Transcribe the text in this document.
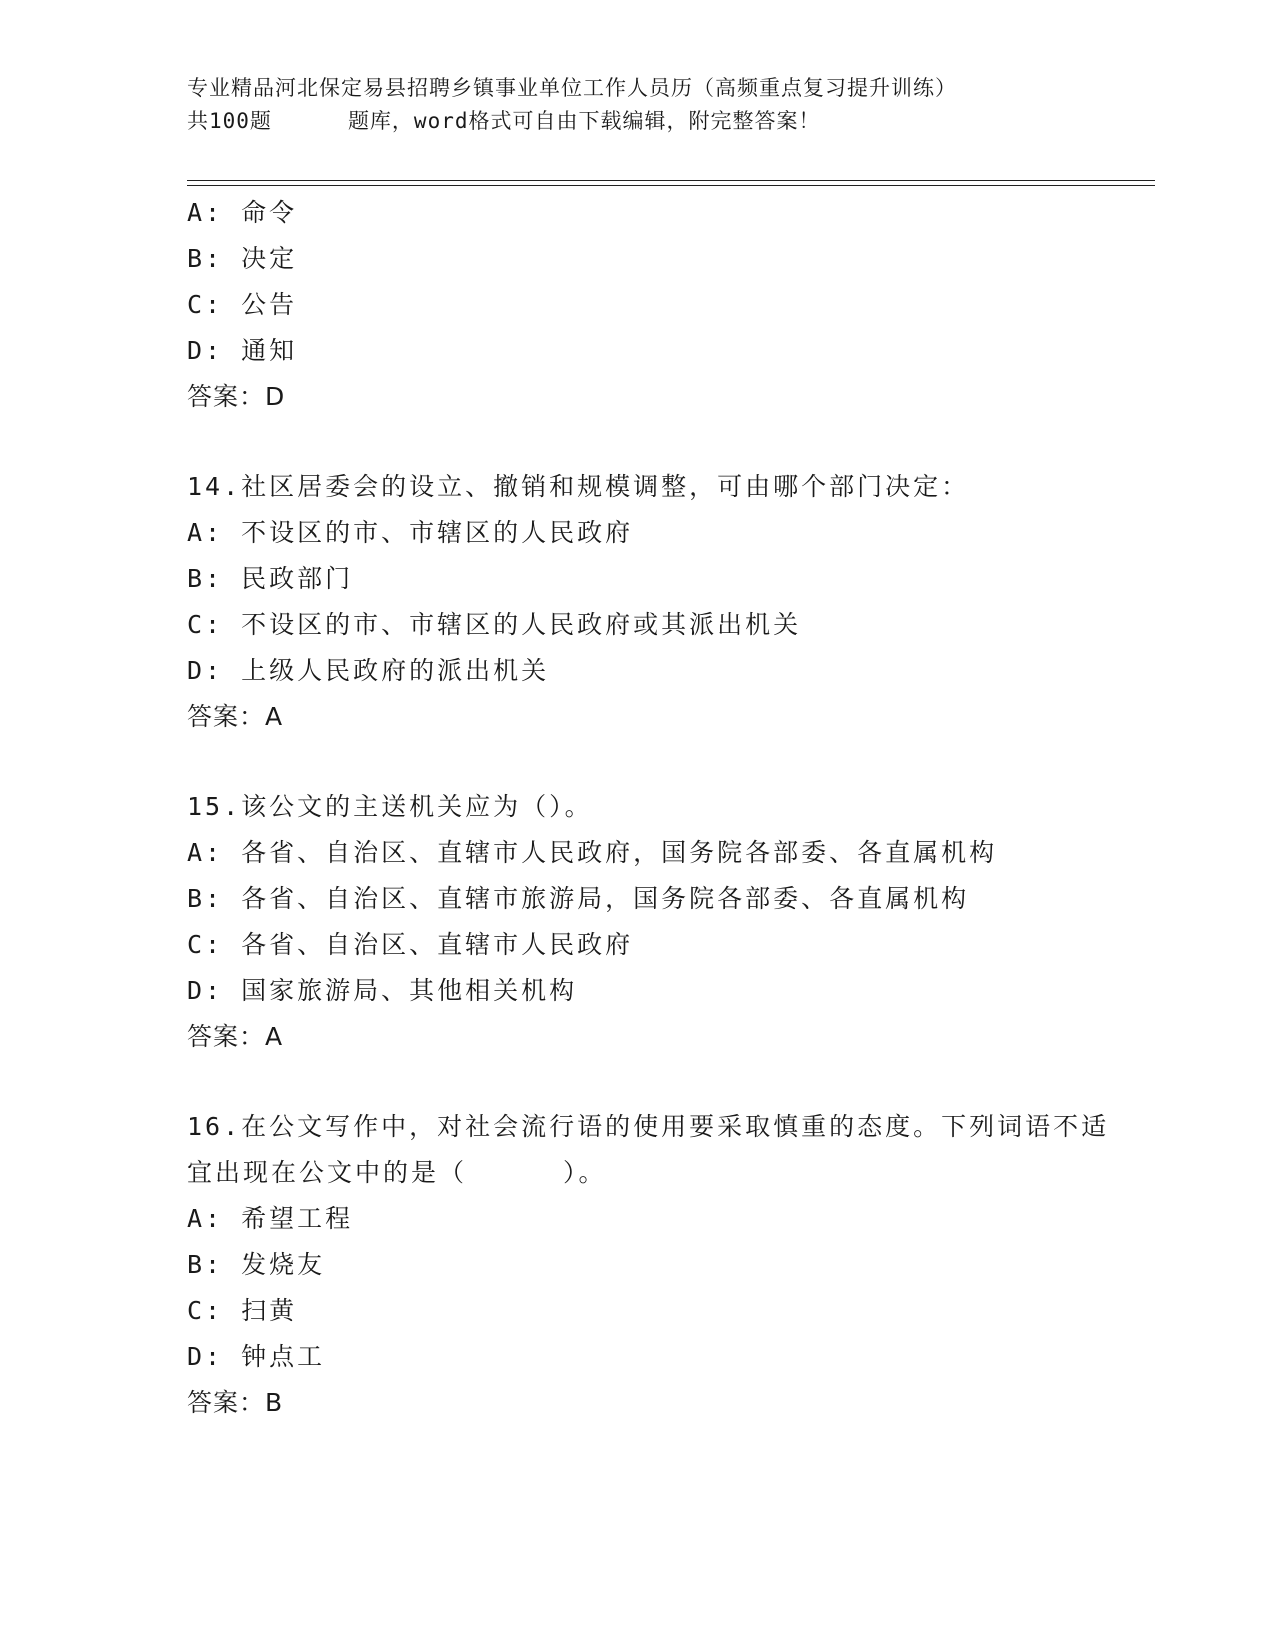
专业精品河北保定易县招聘乡镇事业单位工作人员历（高频重点复习提升训练）
共100题	题库，word格式可自由下载编辑，附完整答案！
A: 命令
B: 决定
C: 公告
D: 通知
答案：D
14.社区居委会的设立、撤销和规模调整，可由哪个部门决定：
A: 不设区的市、市辖区的人民政府
B: 民政部门
C: 不设区的市、市辖区的人民政府或其派出机关
D: 上级人民政府的派出机关
答案：A
15.该公文的主送机关应为（）。
A: 各省、自治区、直辖市人民政府，国务院各部委、各直属机构
B: 各省、自治区、直辖市旅游局，国务院各部委、各直属机构
C: 各省、自治区、直辖市人民政府
D: 国家旅游局、其他相关机构
答案：A
16.在公文写作中，对社会流行语的使用要采取慎重的态度。下列词语不适宜出现在公文中的是（	）。
A: 希望工程
B: 发烧友
C: 扫黄
D: 钟点工
答案：B
